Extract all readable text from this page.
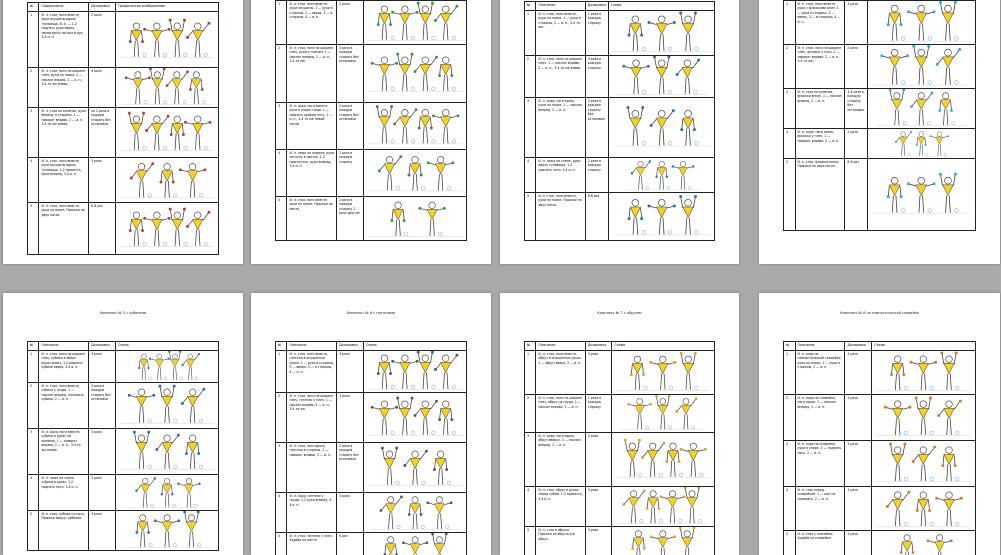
№	Содержание	Дозировка	Графическое изображение
1	И. п. стоя, ноги вместе, руки опущены вдоль туловища, В. и. — 1-2 поднять руки вверх, посмотреть на кисти рук, 3-4 и. п.	2 раза	

2	И. п. стоя, ноги на ширине плеч, руки на поясе. 1 — наклон вправо, 2 — и. п., 3-4 то же влево.	4 раза	

3	И. п. стоя на коленях, руки вперед, в стороны, 1 — поворот вправо, 2 — и. п. 3-4 то же влево.	по 2 раза в каждую сторону без остановки	

4	И. п. стоя, ноги вместе, руки опущены вдоль туловища, 1-2 присесть, руки вперед, 3-4 и. п.	3 раза	

5	И. п. стоя, ноги вместе, руки на поясе. Прыжки на двух ногах.	6-8 раз	
1	И. п. стоя, ноги вместе, руки опущены. 1 — руки в стороны, 2 — вверх, 3 — в стороны, 4 — и. п.	2 раза	

2	И. п. стоя, ноги на ширине плеч, руки к плечам. 1 — наклон вперед, 2 — и. п., 3-4 то же.	3 раза в каждую сторону без остановки	

3	И. п. сидя, ноги вместе, руки в упоре сзади. 1 — поднять правую ногу, 2 — и. п., 3-4 то же левой ногой.	2 раза в каждую сторону без остановки	

4	И. п. лежа на животе, руки согнуты в локтях. 1-2 прогнуться, руки вперед, 3-4 и. п.	2 раза в каждую сторону	

5	И. п. стоя, ноги вместе, руки на поясе. Прыжки на месте.	2 раза в каждую сторону 2 раза другую	
№	Описание	Дозировка	Схема
1	И. п. стоя, ноги вместе, руки на поясе. 1 — руки в стороны, 2 — и. п., 3-4 то же.	2 раза в каждую сторону	

2	И. п. стоя, ноги на ширине плеч. 1 — наклон вправо, 2 — и. п., 3-4 то же влево.	3 раза в каждую сторону	

3	И. п. сидя, ноги врозь, руки на поясе. 1 — наклон вперед, 2 — и. п.	3 раза в каждую сторону без остановки	

4	И. п. лежа на спине, руки вдоль туловища. 1-2 поднять ноги, 3-4 и. п.	2 раза в каждую сторону	

5	И. п. стоя, ноги вместе, руки на поясе. Прыжки на двух ногах.	6-8 раз	
1	И. п. стоя, ноги вместе, руки с флажками вниз. 1 — руки в стороны, 2 — вверх, 3 — в стороны, 4 — и. п.	3 раза	

2	И. п. стоя, ноги на ширине плеч, флажки у плеч. 1 — поворот вправо, 2 — и. п., 3-4 то же.	2 раза	

3	И. п. стоя на коленях, флажки внизу. 1 — наклон вперед, 2 — и. п.	3-4 раза в каждую сторону без остановки	

4	И. п. сидя, ноги врозь, флажки у плеч. 1 — поворот вправо, 2 — и. п.	2 раза	

5	И. п. стоя, флажки внизу. Прыжки на двух ногах.	6-8 раз	
Комплекс № 5 с кубиками
№	Описание	Дозировка	Схема
1	И. п. стоя, ноги на ширине плеч, кубики в обеих руках внизу. 1-2 поднять кубики вверх, 3-4 и. п.	3 раза	

2	И. п. стоя, ноги вместе, кубики у груди. 1 — наклон вперед, положить кубики, 2 — и. п.	3 раза в каждую сторону без остановки	

3	И. п. сидя, ноги вместе, кубики в руках на коленях. 1 — поворот вправо, 2 — и. п., 3-4 то же влево.	3 раза	

4	И. п. лежа на спине, кубики в руках. 1-2 поднять ноги, 3-4 и. п.	3 раза	

5	И. п. стоя, кубики на полу. Прыжки вокруг кубиков.	3 раза	
Комплекс № 6 с гантелями
№	Описание	Дозировка	Схема
1	И. п. стоя, ноги вместе, гантели в опущенных руках. 1 — руки в стороны, 2 — вверх, 3 — в стороны, 4 — и. п.	3 раза	

2	И. п. стоя, ноги на ширине плеч, гантели у плеч. 1 — наклон вправо, 2 — и. п., 3-4 то же.	3 раза	

3	И. п. стоя, ноги врозь, гантели в стороны. 1 — поворот вправо, 2 — и. п.	2 раза в каждую сторону без остановки	

4	И. п. сидя, гантели у груди. 1-2 руки вперед, 3-4 и. п.	3 раза	

5	И. п. стоя, гантели у плеч. Ходьба на месте.	6 раз	
Комплекс № 7 с обручем
№	Описание	Дозировка	Схема
1	И. п. стоя, ноги вместе, обруч в опущенных руках. 1 — обруч вверх, 2 — и. п.	3 раза	

2	И. п. стоя, ноги на ширине плеч, обруч на груди. 1 — наклон вправо, 2 — и. п.	2 раза в каждую сторону	

3	И. п. сидя, ноги врозь, обруч вверху. 1 — наклон вперед, 2 — и. п.	3 раза	

4	И. п. стоя, обруч в руках перед собой. 1-2 присесть, 3-4 и. п.	3 раза	

5	И. п. стоя в обруче. Прыжки из обруча и в обруч.	3 раза	
Комплекс № 8 на гимнастической скамейке
№	Описание	Дозировка	Схема
1	И. п. сидя на гимнастической скамейке, руки на поясе. 1 — руки в стороны, 2 — и. п.	3 раза	

2	И. п. сидя на скамейке, ноги врозь. 1 — наклон вперед, 2 — и. п.	3 раза	

3	И. п. сидя на скамейке, руки в упоре. 1 — поднять ноги, 2 — и. п.	3 раза	

4	И. п. стоя перед скамейкой. 1 — шаг на скамейку, 2 — и. п.	3 раза	

5	И. п. стоя у скамейки. Ходьба по скамейке.	3 раза	
